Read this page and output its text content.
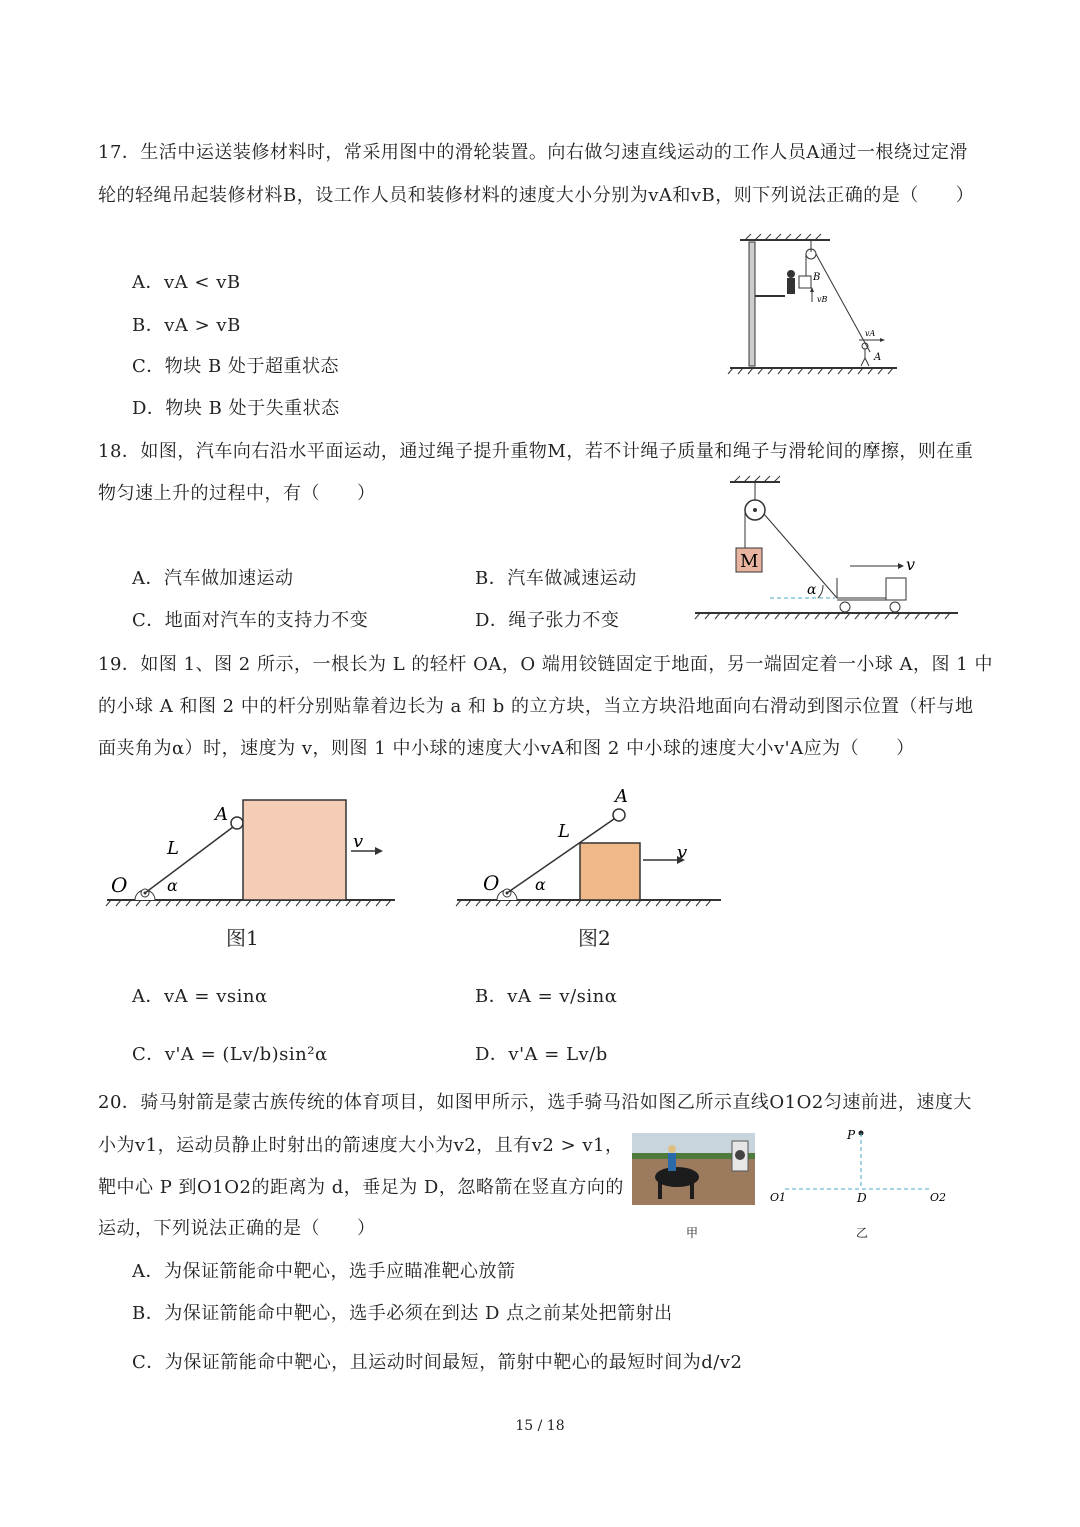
17．生活中运送装修材料时，常采用图中的滑轮装置。向右做匀速直线运动的工作人员A通过一根绕过定滑
轮的轻绳吊起装修材料B，设工作人员和装修材料的速度大小分别为vA和vB，则下列说法正确的是（　　）
A．vA < vB
B．vA > vB
C．物块 B 处于超重状态
D．物块 B 处于失重状态
B
vB
vA
A
18．如图，汽车向右沿水平面运动，通过绳子提升重物M，若不计绳子质量和绳子与滑轮间的摩擦，则在重
物匀速上升的过程中，有（　　）
A．汽车做加速运动	B．汽车做减速运动
C．地面对汽车的支持力不变	D．绳子张力不变
M
α
v
19．如图 1、图 2 所示，一根长为 L 的轻杆 OA，O 端用铰链固定于地面，另一端固定着一小球 A，图 1 中
的小球 A 和图 2 中的杆分别贴靠着边长为 a 和 b 的立方块，当立方块沿地面向右滑动到图示位置（杆与地
面夹角为α）时，速度为 v，则图 1 中小球的速度大小vA和图 2 中小球的速度大小v'A应为（　　）
v
A
L
O α
图1
v
A
L
O α
图2
A．vA = vsinα	B．vA = v/sinα
C．v'A = (Lv/b)sin²α	D．v'A = Lv/b
20．骑马射箭是蒙古族传统的体育项目，如图甲所示，选手骑马沿如图乙所示直线O1O2匀速前进，速度大
小为v1，运动员静止时射出的箭速度大小为v2，且有v2 > v1，
靶中心 P 到O1O2的距离为 d，垂足为 D，忽略箭在竖直方向的
运动，下列说法正确的是（　　）	甲
P
O1	D	O2
乙
A．为保证箭能命中靶心，选手应瞄准靶心放箭
B．为保证箭能命中靶心，选手必须在到达 D 点之前某处把箭射出
C．为保证箭能命中靶心，且运动时间最短，箭射中靶心的最短时间为d/v2
15 / 18
